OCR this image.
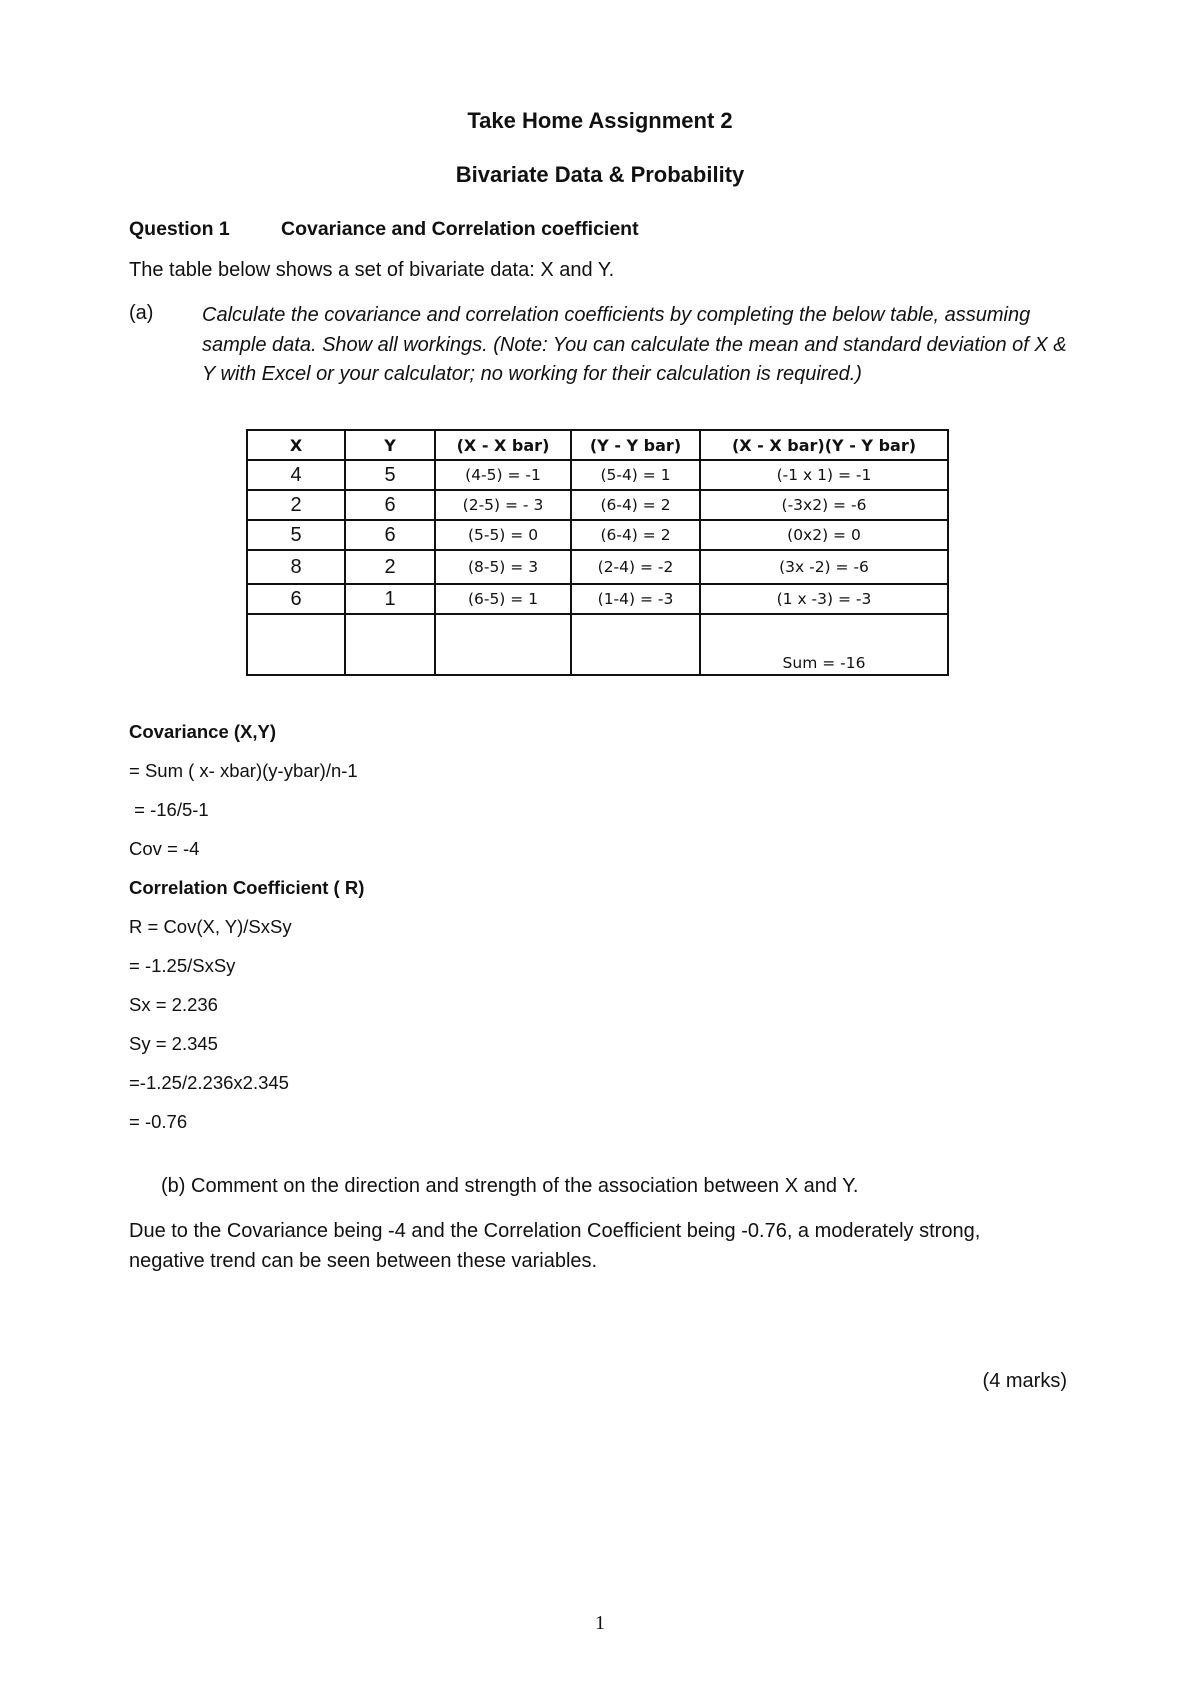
Take Home Assignment 2
Bivariate Data & Probability
Question 1	Covariance and Correlation coefficient
The table below shows a set of bivariate data: X and Y.
(a) Calculate the covariance and correlation coefficients by completing the below table, assuming sample data. Show all workings. (Note: You can calculate the mean and standard deviation of X & Y with Excel or your calculator; no working for their calculation is required.)
X	Y	(X - X bar)	(Y - Y bar)	(X - X bar)(Y - Y bar)
4	5	(4-5) = -1	(5-4) = 1	(-1 x 1) = -1
2	6	(2-5) = - 3	(6-4) = 2	(-3x2) = -6
5	6	(5-5) = 0	(6-4) = 2	(0x2) = 0
8	2	(8-5) = 3	(2-4) = -2	(3x -2) = -6
6	1	(6-5) = 1	(1-4) = -3	(1 x -3) = -3
				Sum = -16
Covariance (X,Y)
= Sum ( x- xbar)(y-ybar)/n-1
= -16/5-1
Cov = -4
Correlation Coefficient ( R)
R = Cov(X, Y)/SxSy
= -1.25/SxSy
Sx = 2.236
Sy = 2.345
=-1.25/2.236x2.345
= -0.76
(b) Comment on the direction and strength of the association between X and Y.
Due to the Covariance being -4 and the Correlation Coefficient being -0.76, a moderately strong, negative trend can be seen between these variables.
(4 marks)
1
